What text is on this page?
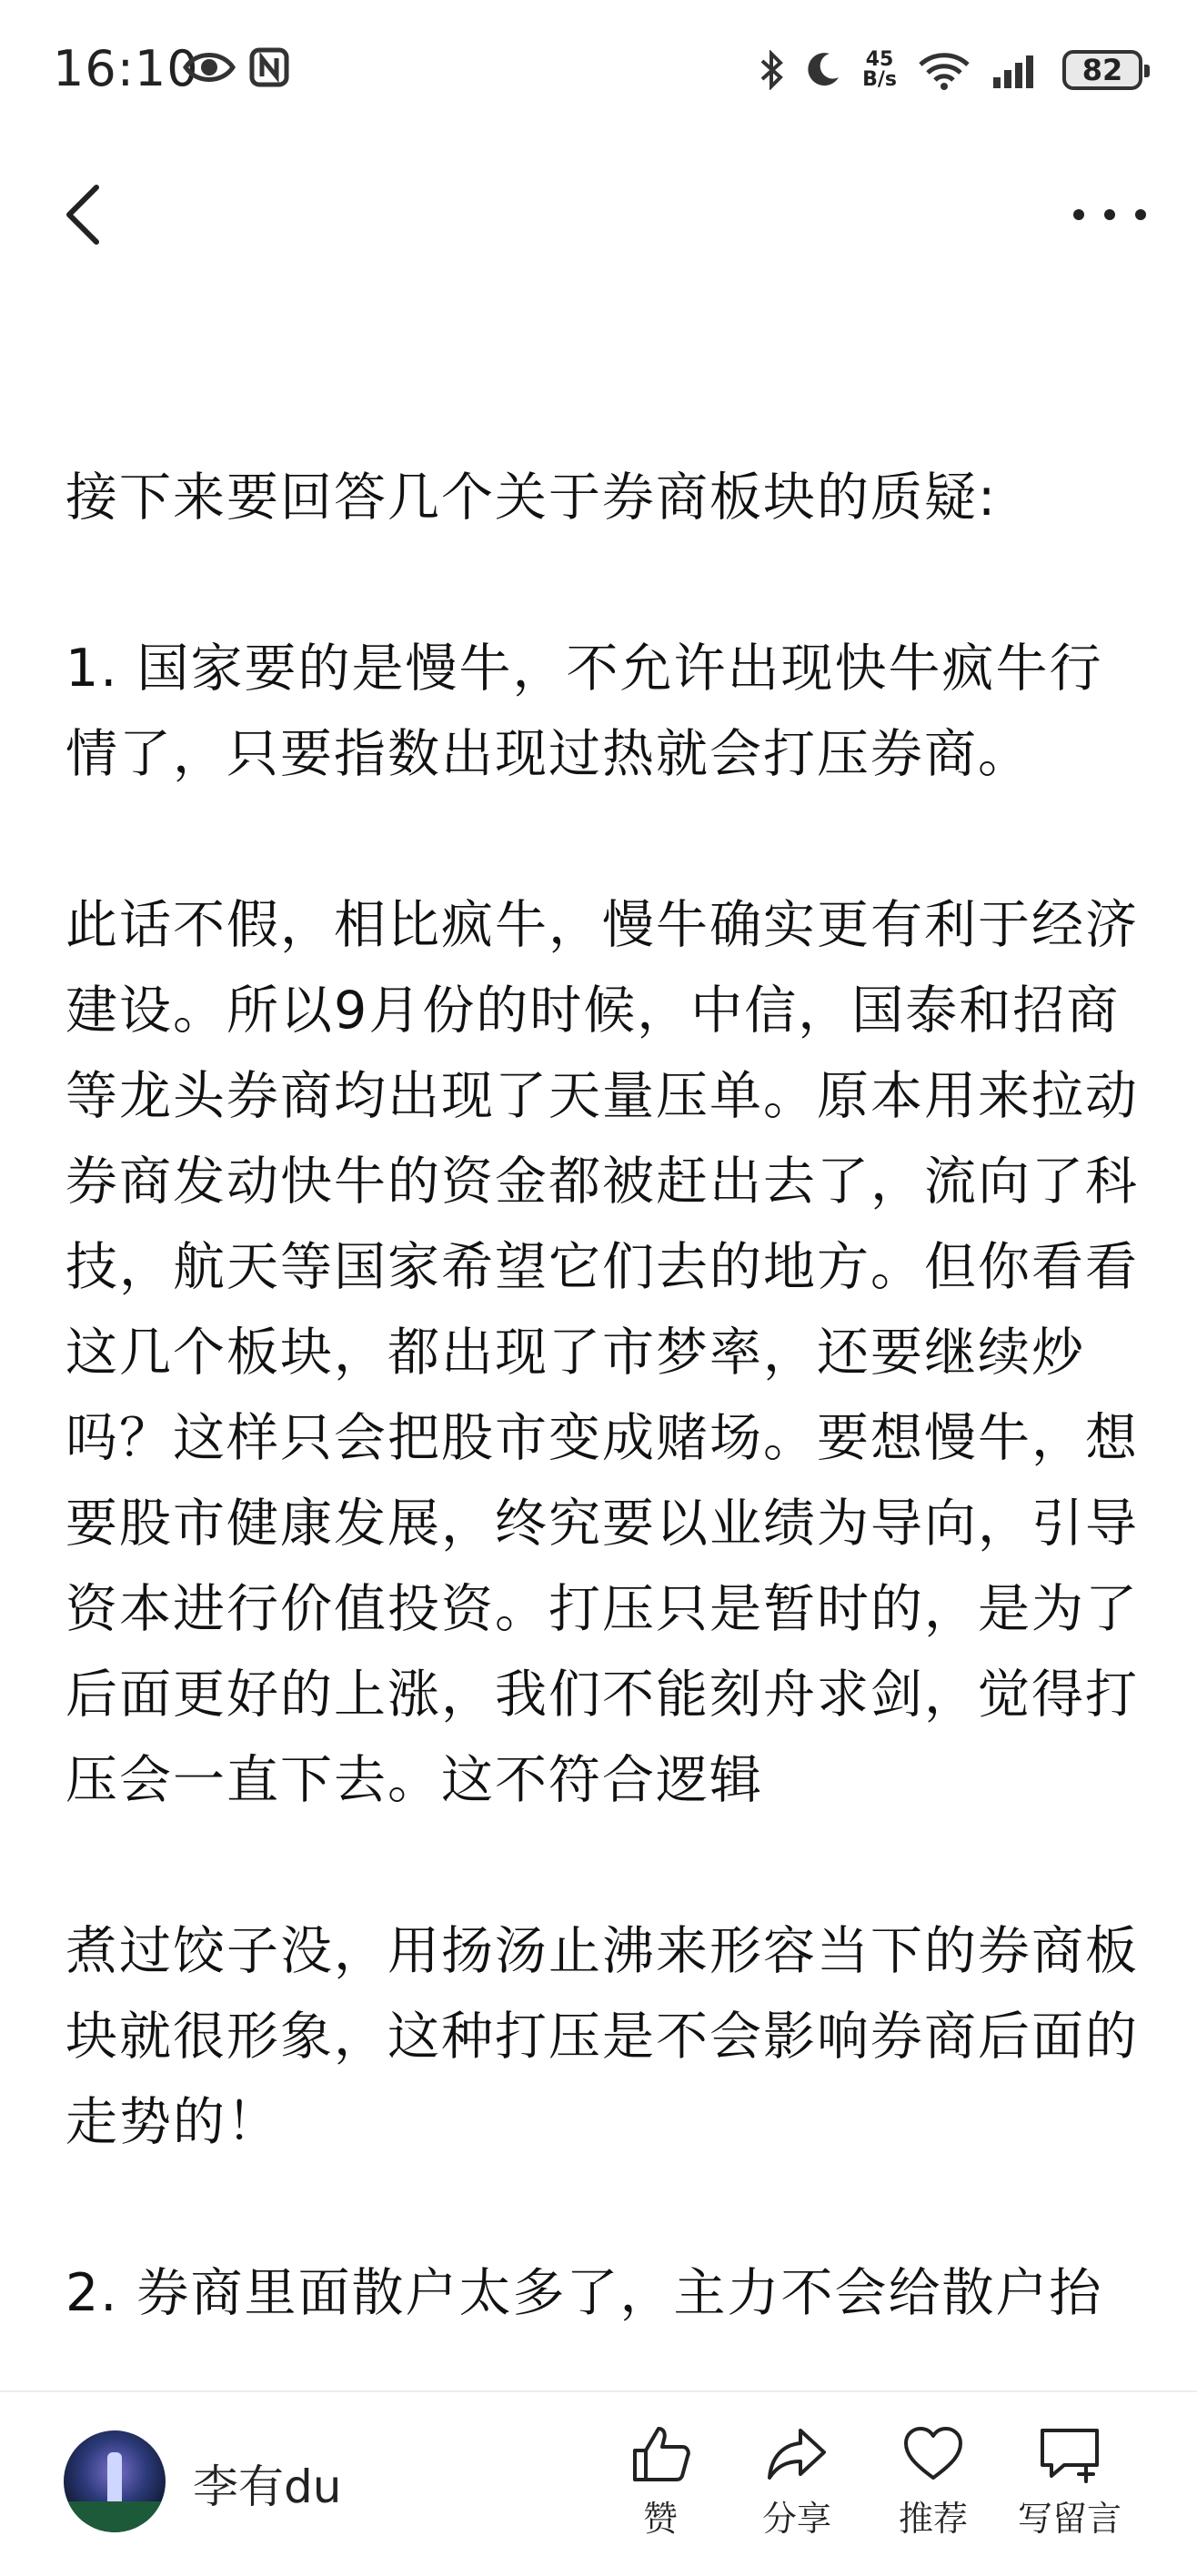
16:10	45
B/s	82

接下来要回答几个关于券商板块的质疑:

1. 国家要的是慢牛，不允许出现快牛疯牛行情了，只要指数出现过热就会打压券商。

此话不假，相比疯牛，慢牛确实更有利于经济建设。所以9月份的时候，中信，国泰和招商等龙头券商均出现了天量压单。原本用来拉动券商发动快牛的资金都被赶出去了，流向了科技，航天等国家希望它们去的地方。但你看看这几个板块，都出现了市梦率，还要继续炒吗？这样只会把股市变成赌场。要想慢牛，想要股市健康发展，终究要以业绩为导向，引导资本进行价值投资。打压只是暂时的，是为了后面更好的上涨，我们不能刻舟求剑，觉得打压会一直下去。这不符合逻辑

煮过饺子没，用扬汤止沸来形容当下的券商板块就很形象，这种打压是不会影响券商后面的走势的！

2. 券商里面散户太多了，主力不会给散户抬

李有du
赞	分享	推荐	写留言
